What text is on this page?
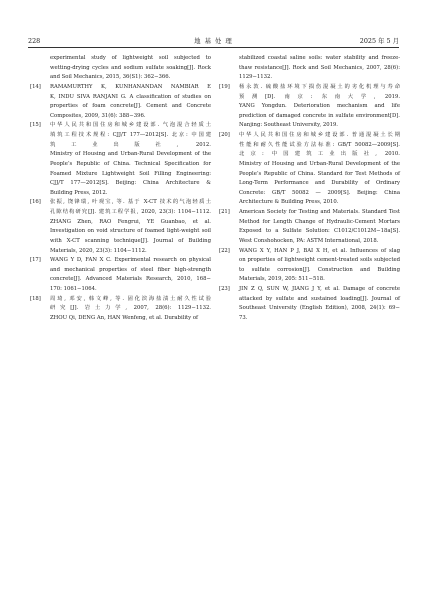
228	地 基 处 理	2025 年 5 月
experimental study of lightweight soil subjected to
wetting-drying cycles and sodium sulfate soaking[J]. Rock
and Soil Mechanics, 2015, 36(S1): 362−366.
[14] RAMAMURTHY K, KUNHANANDAN NAMBIAR E
K, INDU SIVA RANJANI G. A classification of studies on
properties of foam concrete[J]. Cement and Concrete
Composites, 2009, 31(6): 388−396.
[15] 中华人民共和国住房和城乡建设部. 气泡混合轻质土
填筑工程技术规程: CJJ/T 177—2012[S]. 北京: 中国建
筑工业出版社, 2012.
Ministry of Housing and Urban-Rural Development of the
People’s Republic of China. Technical Specification for
Foamed Mixture Lightweight Soil Filling Engineering:
CJJ/T 177—2012[S]. Beijing: China Architecture &
Building Press, 2012.
[16] 张振, 饶锋瑞, 叶观宝, 等. 基于 X-CT 技术的气泡轻质土
孔隙结构研究[J]. 建筑工程学报, 2020, 23(3): 1104−1112.
ZHANG Zhen, RAO Fengrui, YE Guanbao, et al.
Investigation on void structure of foamed light-weight soil
with X-CT scanning technique[J]. Journal of Building
Materials, 2020, 23(3): 1104−1112.
[17] WANG Y D, FAN X C. Experimental research on physical
and mechanical properties of steel fiber high-strength
concrete[J]. Advanced Materials Research, 2010, 168−
170: 1061−1064.
[18] 周琦, 邓安, 韩文峰, 等. 固化滨海盐渍土耐久性试验
研究[J]. 岩土力学, 2007, 28(6): 1129−1132.
ZHOU Qi, DENG An, HAN Wenfeng, et al. Durability of
stabilized coastal saline soils: water stability and freeze-
thaw resistance[J]. Rock and Soil Mechanics, 2007, 28(6):
1129−1132.
[19] 杨永敦. 硫酸盐环境下损伤混凝土的劣化机理与寿命
预测[D]. 南京: 东南大学, 2019.
YANG Yongdun. Deterioration mechanism and life
prediction of damaged concrete in sulfate environment[D].
Nanjing: Southeast University, 2019.
[20] 中华人民共和国住房和城乡建设部. 普通混凝土长期
性能和耐久性能试验方法标准: GB/T 50082—2009[S].
北京: 中国建筑工业出版社, 2010.
Ministry of Housing and Urban-Rural Development of the
People’s Republic of China. Standard for Test Methods of
Long-Term Performance and Durability of Ordinary
Concrete: GB/T 50082 — 2009[S]. Beijing: China
Architecture & Building Press, 2010.
[21] American Society for Testing and Materials. Standard Test
Method for Length Change of Hydraulic-Cement Mortars
Exposed to a Sulfate Solution: C1012/C1012M−18a[S].
West Conshohocken, PA: ASTM International, 2018.
[22] WANG X Y, HAN P J, BAI X H, et al. Influences of slag
on properties of lightweight cement-treated soils subjected
to sulfate corrosion[J]. Construction and Building
Materials, 2019, 205: 511−518.
[23] JIN Z Q, SUN W, JIANG J Y, et al. Damage of concrete
attacked by sulfate and sustained loading[J]. Journal of
Southeast University (English Edition), 2008, 24(1): 69−
73.
